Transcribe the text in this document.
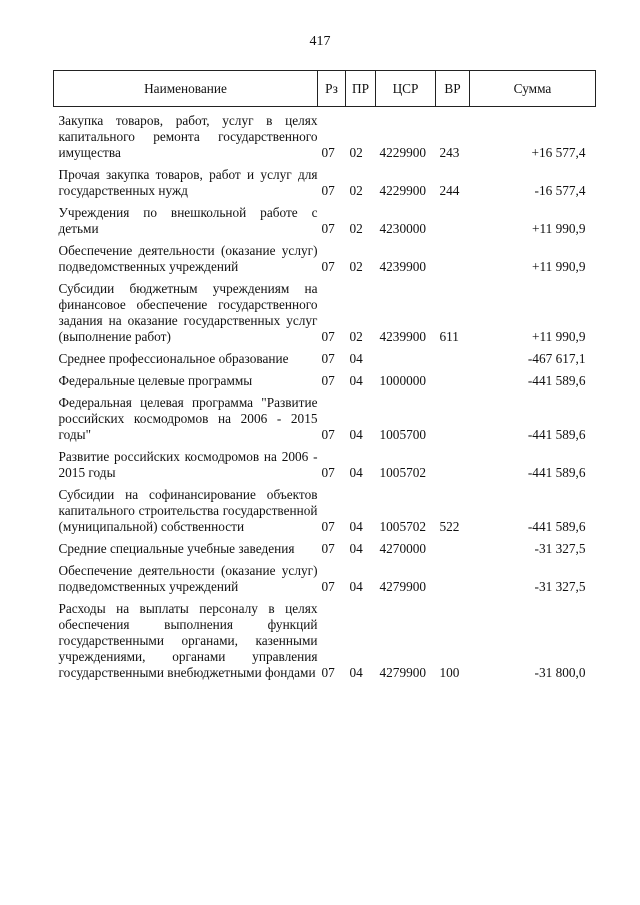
417
Наименование	Рз	ПР	ЦСР	ВР	Сумма
Закупка товаров, работ, услуг в целях капитального ремонта государственного имущества	07	02	4229900	243	+16 577,4
Прочая закупка товаров, работ и услуг для государственных нужд	07	02	4229900	244	-16 577,4
Учреждения по внешкольной работе с детьми	07	02	4230000		+11 990,9
Обеспечение деятельности (оказание услуг) подведомственных учреждений	07	02	4239900		+11 990,9
Субсидии бюджетным учреждениям на финансовое обеспечение государственного задания на оказание государственных услуг (выполнение работ)	07	02	4239900	611	+11 990,9
Среднее профессиональное образование	07	04			-467 617,1
Федеральные целевые программы	07	04	1000000		-441 589,6
Федеральная целевая программа "Развитие российских космодромов на 2006 - 2015 годы"	07	04	1005700		-441 589,6
Развитие российских космодромов на 2006 - 2015 годы	07	04	1005702		-441 589,6
Субсидии на софинансирование объектов капитального строительства государственной (муниципальной) собственности	07	04	1005702	522	-441 589,6
Средние специальные учебные заведения	07	04	4270000		-31 327,5
Обеспечение деятельности (оказание услуг) подведомственных учреждений	07	04	4279900		-31 327,5
Расходы на выплаты персоналу в целях обеспечения выполнения функций государственными органами, казенными учреждениями, органами управления государственными внебюджетными фондами	07	04	4279900	100	-31 800,0
